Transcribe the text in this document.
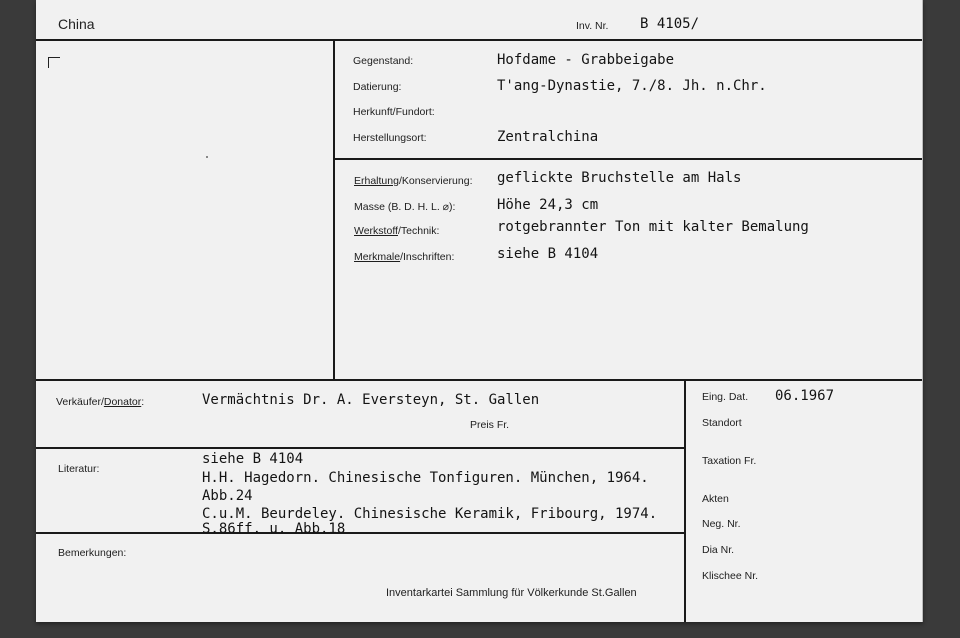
China	Inv. Nr. B 4105/
Gegenstand:	Hofdame - Grabbeigabe
Datierung:	T'ang-Dynastie, 7./8. Jh. n.Chr.
Herkunft/Fundort:
Herstellungsort:	Zentralchina
Erhaltung/Konservierung: geflickte Bruchstelle am Hals
Masse (B. D. H. L. ⌀):	Höhe 24,3 cm
Werkstoff/Technik:	rotgebrannter Ton mit kalter Bemalung
Merkmale/Inschriften:	siehe B 4104
Verkäufer/Donator:	Vermächtnis Dr. A. Eversteyn, St. Gallen
Preis Fr.
Literatur:
siehe B 4104
H.H. Hagedorn. Chinesische Tonfiguren. München, 1964.
Abb.24
C.u.M. Beurdeley. Chinesische Keramik, Fribourg, 1974.
S.86ff. u. Abb.18
Bemerkungen:
Inventarkartei Sammlung für Völkerkunde St.Gallen
Eing. Dat. 06.1967
Standort
Taxation Fr.
Akten
Neg. Nr.
Dia Nr.
Klischee Nr.
